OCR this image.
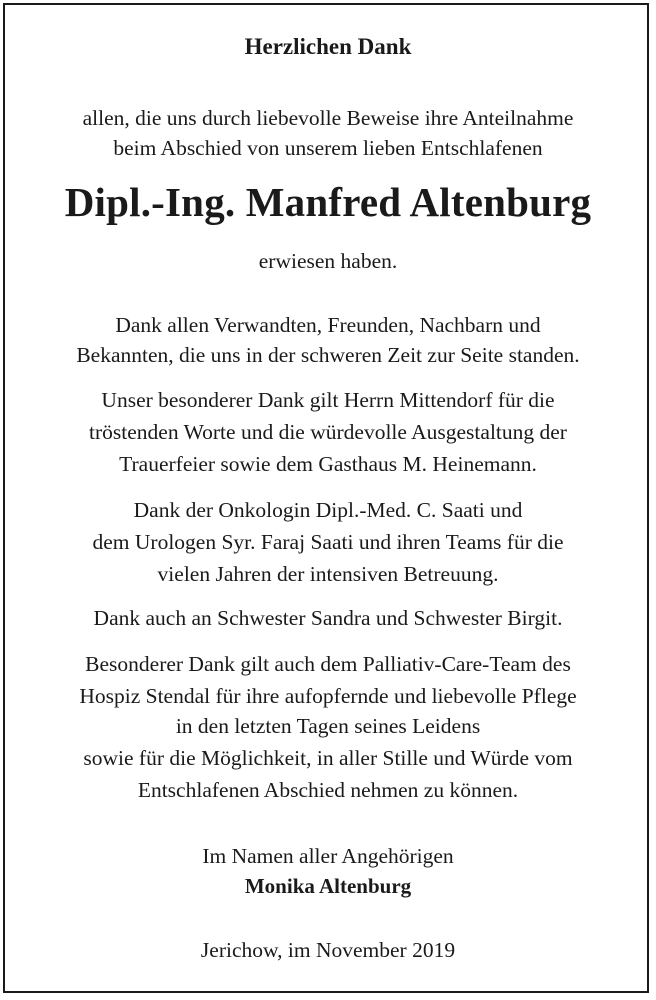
Herzlichen Dank
allen, die uns durch liebevolle Beweise ihre Anteilnahme
beim Abschied von unserem lieben Entschlafenen
Dipl.-Ing. Manfred Altenburg
erwiesen haben.
Dank allen Verwandten, Freunden, Nachbarn und
Bekannten, die uns in der schweren Zeit zur Seite standen.
Unser besonderer Dank gilt Herrn Mittendorf für die
tröstenden Worte und die würdevolle Ausgestaltung der
Trauerfeier sowie dem Gasthaus M. Heinemann.
Dank der Onkologin Dipl.-Med. C. Saati und
dem Urologen Syr. Faraj Saati und ihren Teams für die
vielen Jahren der intensiven Betreuung.
Dank auch an Schwester Sandra und Schwester Birgit.
Besonderer Dank gilt auch dem Palliativ-Care-Team des
Hospiz Stendal für ihre aufopfernde und liebevolle Pflege
in den letzten Tagen seines Leidens
sowie für die Möglichkeit, in aller Stille und Würde vom
Entschlafenen Abschied nehmen zu können.
Im Namen aller Angehörigen
Monika Altenburg
Jerichow, im November 2019
